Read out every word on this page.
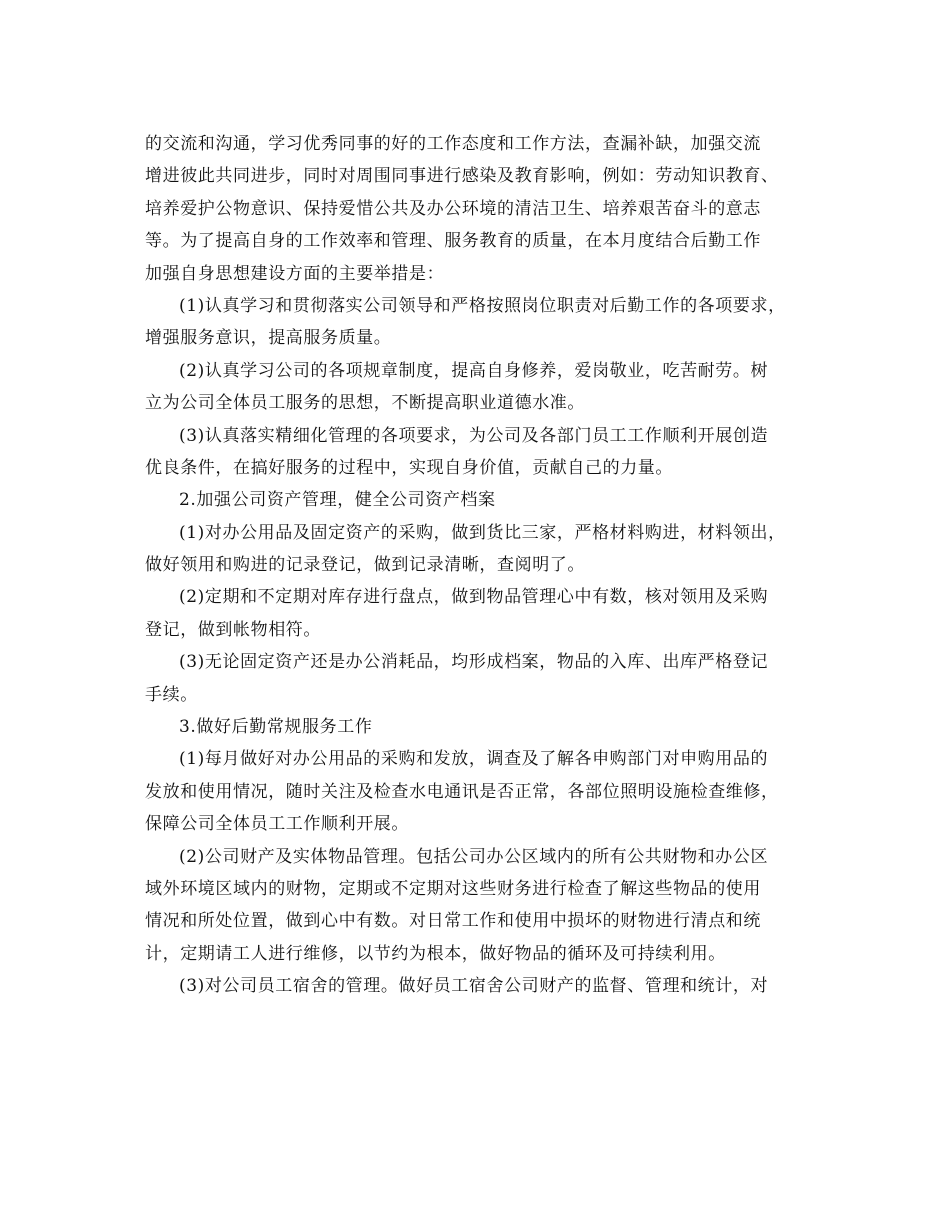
的交流和沟通，学习优秀同事的好的工作态度和工作方法，查漏补缺，加强交流
增进彼此共同进步，同时对周围同事进行感染及教育影响，例如：劳动知识教育、
培养爱护公物意识、保持爱惜公共及办公环境的清洁卫生、培养艰苦奋斗的意志
等。为了提高自身的工作效率和管理、服务教育的质量，在本月度结合后勤工作
加强自身思想建设方面的主要举措是：
(1)认真学习和贯彻落实公司领导和严格按照岗位职责对后勤工作的各项要求，
增强服务意识，提高服务质量。
(2)认真学习公司的各项规章制度，提高自身修养，爱岗敬业，吃苦耐劳。树
立为公司全体员工服务的思想，不断提高职业道德水准。
(3)认真落实精细化管理的各项要求，为公司及各部门员工工作顺利开展创造
优良条件，在搞好服务的过程中，实现自身价值，贡献自己的力量。
2.加强公司资产管理，健全公司资产档案
(1)对办公用品及固定资产的采购，做到货比三家，严格材料购进，材料领出，
做好领用和购进的记录登记，做到记录清晰，查阅明了。
(2)定期和不定期对库存进行盘点，做到物品管理心中有数，核对领用及采购
登记，做到帐物相符。
(3)无论固定资产还是办公消耗品，均形成档案，物品的入库、出库严格登记
手续。
3.做好后勤常规服务工作
(1)每月做好对办公用品的采购和发放，调查及了解各申购部门对申购用品的
发放和使用情况，随时关注及检查水电通讯是否正常，各部位照明设施检查维修，
保障公司全体员工工作顺利开展。
(2)公司财产及实体物品管理。包括公司办公区域内的所有公共财物和办公区
域外环境区域内的财物，定期或不定期对这些财务进行检查了解这些物品的使用
情况和所处位置，做到心中有数。对日常工作和使用中损坏的财物进行清点和统
计，定期请工人进行维修，以节约为根本，做好物品的循环及可持续利用。
(3)对公司员工宿舍的管理。做好员工宿舍公司财产的监督、管理和统计，对
